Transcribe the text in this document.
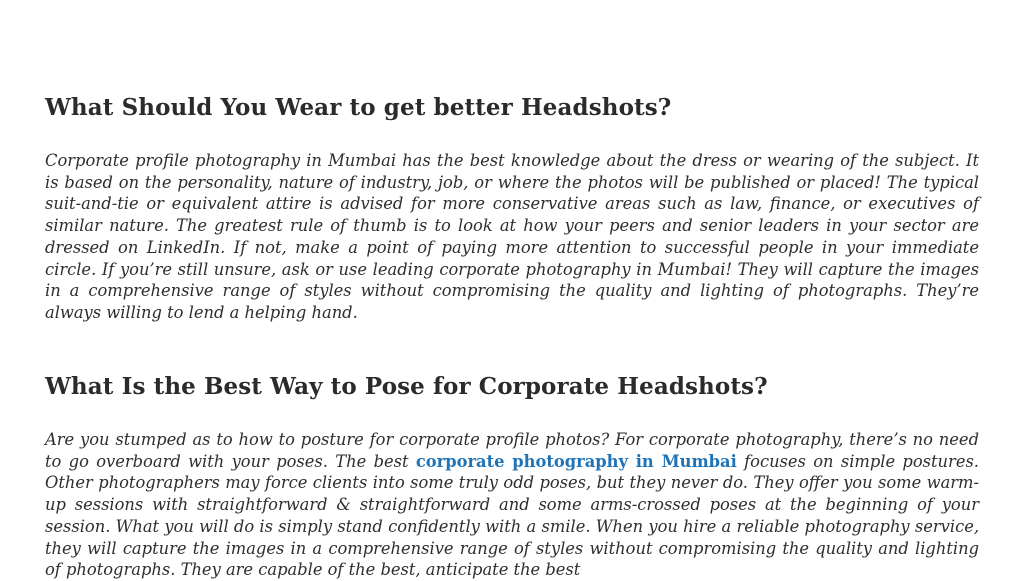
What Should You Wear to get better Headshots?

Corporate profile photography in Mumbai has the best knowledge about the dress or wearing of the subject. It is based on the personality, nature of industry, job, or where the photos will be published or placed! The typical suit-and-tie or equivalent attire is advised for more conservative areas such as law, finance, or executives of similar nature. The greatest rule of thumb is to look at how your peers and senior leaders in your sector are dressed on LinkedIn. If not, make a point of paying more attention to successful people in your immediate circle. If you’re still unsure, ask or use leading corporate photography in Mumbai! They will capture the images in a comprehensive range of styles without compromising the quality and lighting of photographs. They’re always willing to lend a helping hand.

What Is the Best Way to Pose for Corporate Headshots?

Are you stumped as to how to posture for corporate profile photos? For corporate photography, there’s no need to go overboard with your poses. The best corporate photography in Mumbai focuses on simple postures. Other photographers may force clients into some truly odd poses, but they never do. They offer you some warm-up sessions with straightforward & straightforward and some arms-crossed poses at the beginning of your session. What you will do is simply stand confidently with a smile. When you hire a reliable photography service, they will capture the images in a comprehensive range of styles without compromising the quality and lighting of photographs. They are capable of the best, anticipate the best
